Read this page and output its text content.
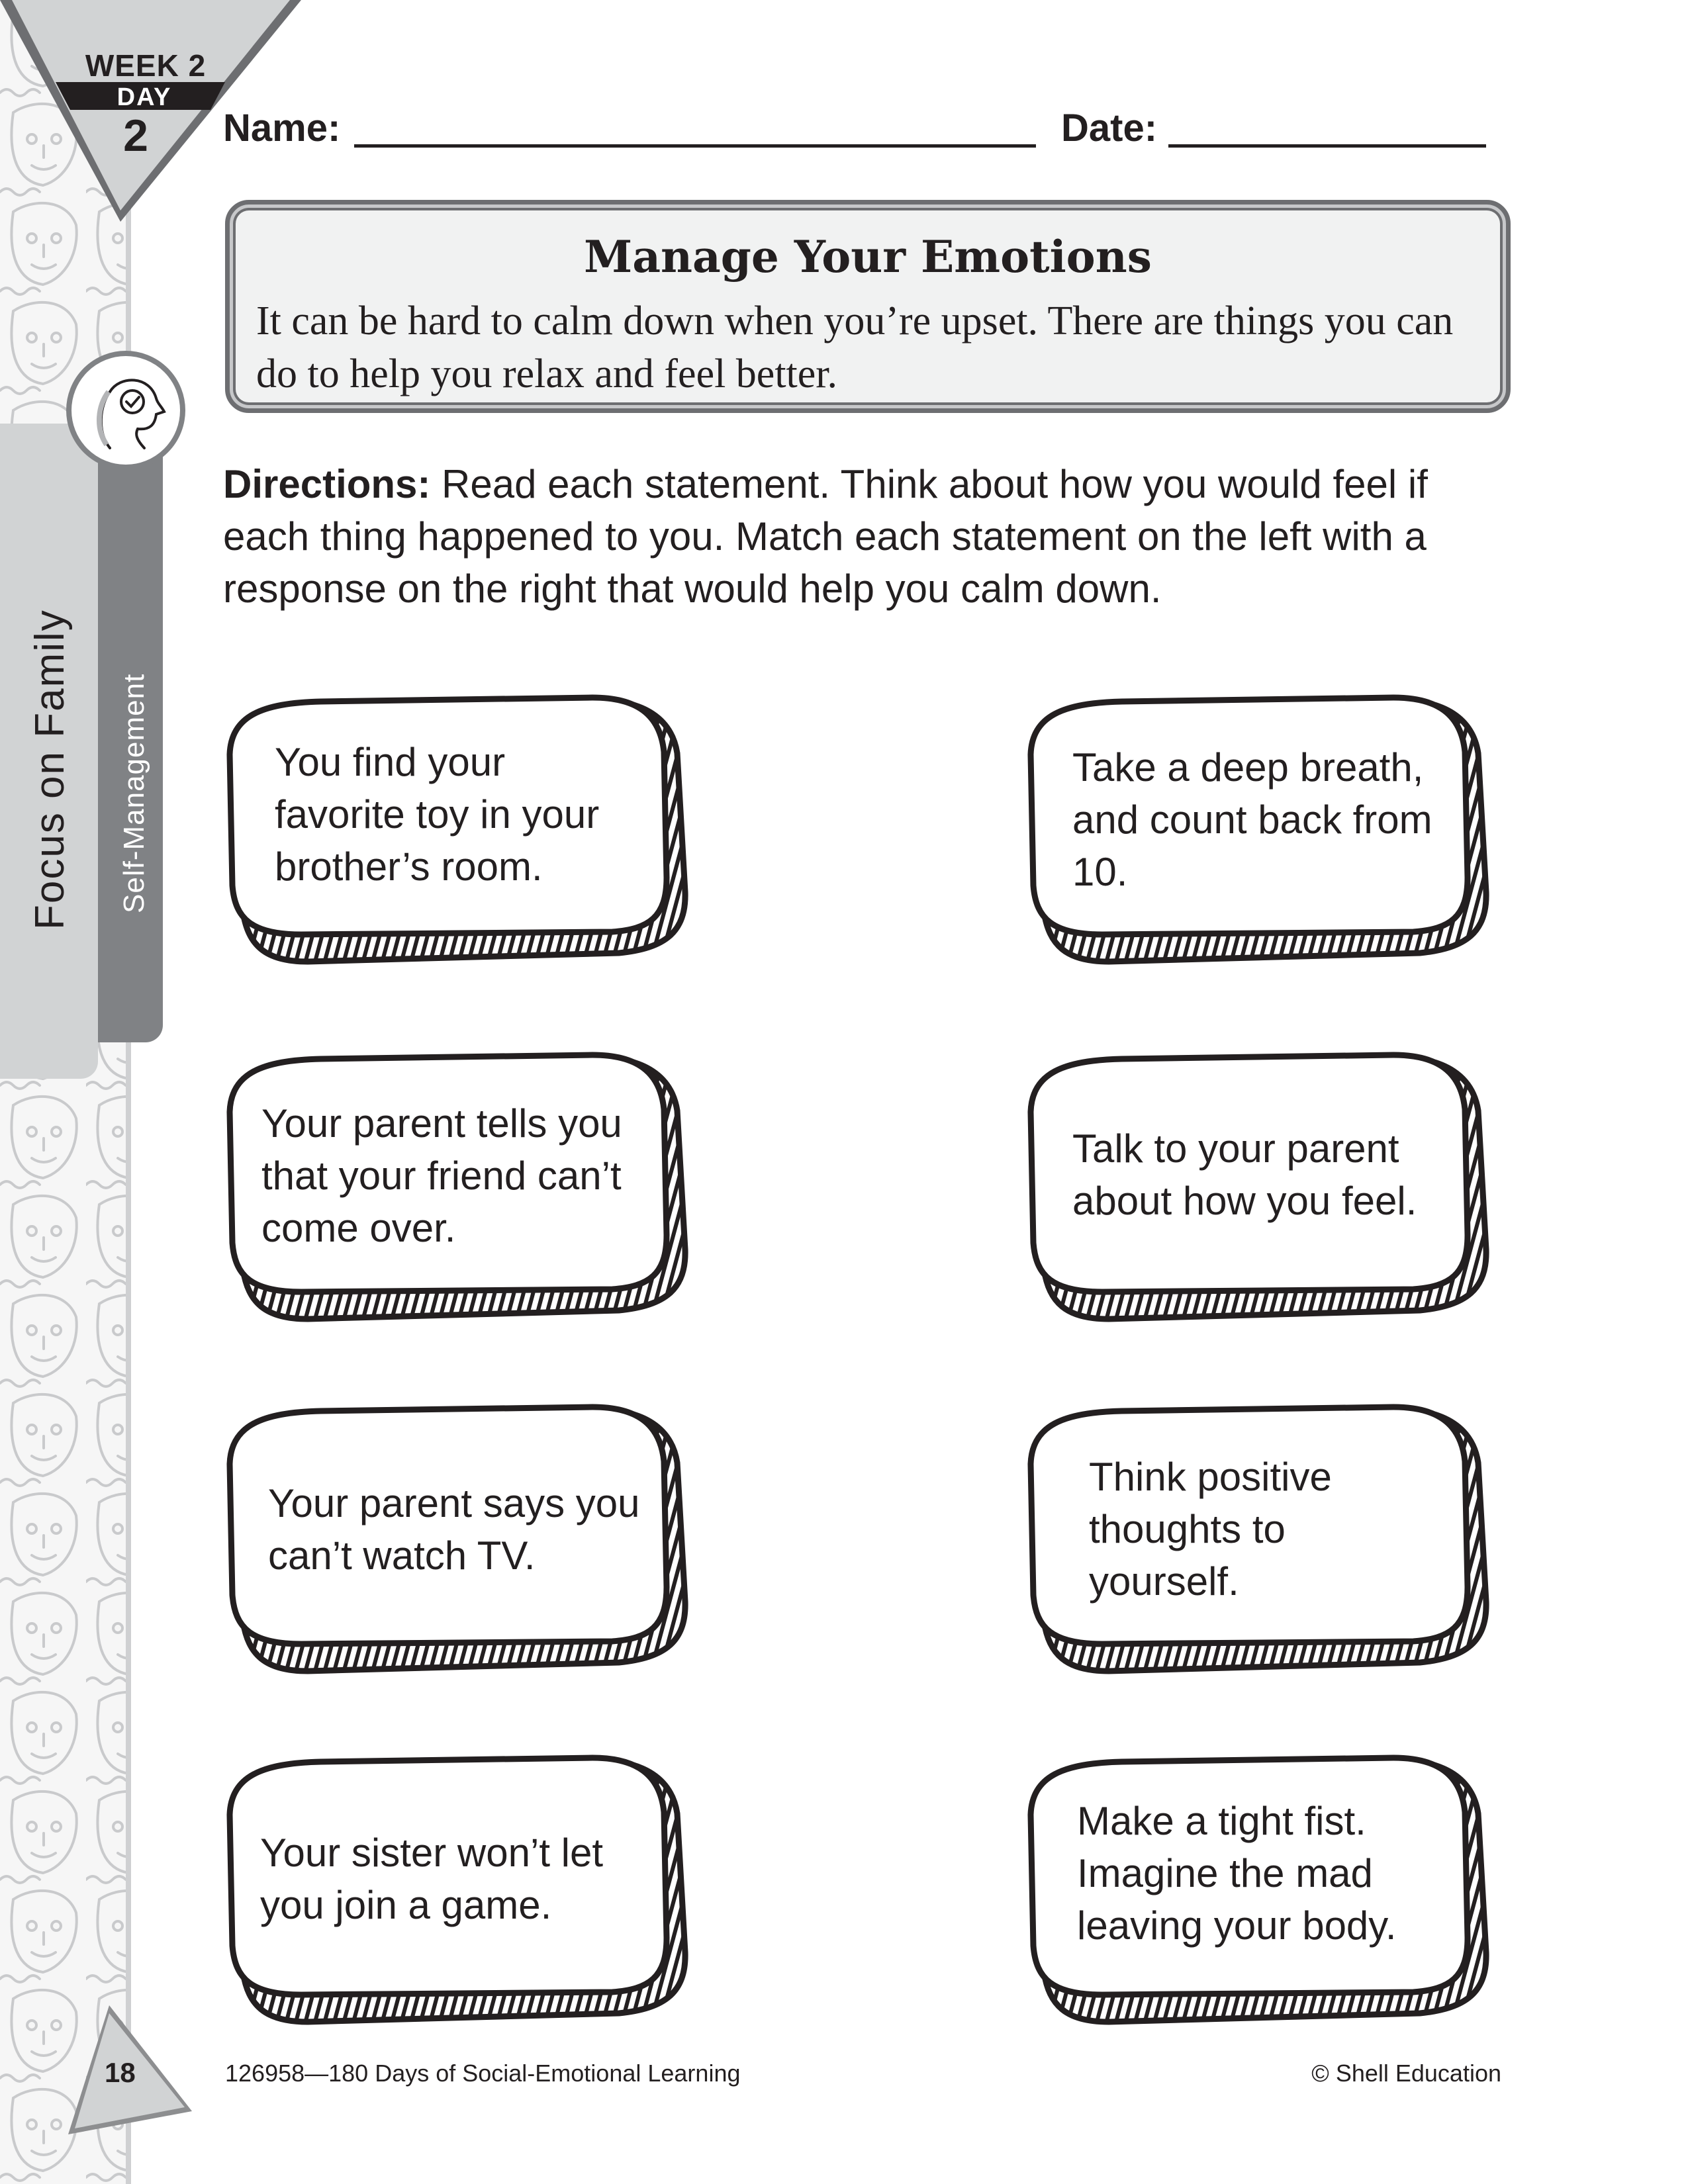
WEEK 2
DAY
2
Focus on Family Self-Management
Name:	Date:
Manage Your Emotions
It can be hard to calm down when you’re upset. There are things you can do to help you relax and feel better.
Directions: Read each statement. Think about how you would feel if each thing happened to you. Match each statement on the left with a response on the right that would help you calm down.
You find your favorite toy in your brother’s room.
Your parent tells you that your friend can’t come over.
Your parent says you can’t watch TV.
Your sister won’t let you join a game.
Take a deep breath, and count back from 10.
Talk to your parent about how you feel.
Think positive thoughts to yourself.
Make a tight fist. Imagine the mad leaving your body.
18	126958—180 Days of Social-Emotional Learning	© Shell Education
